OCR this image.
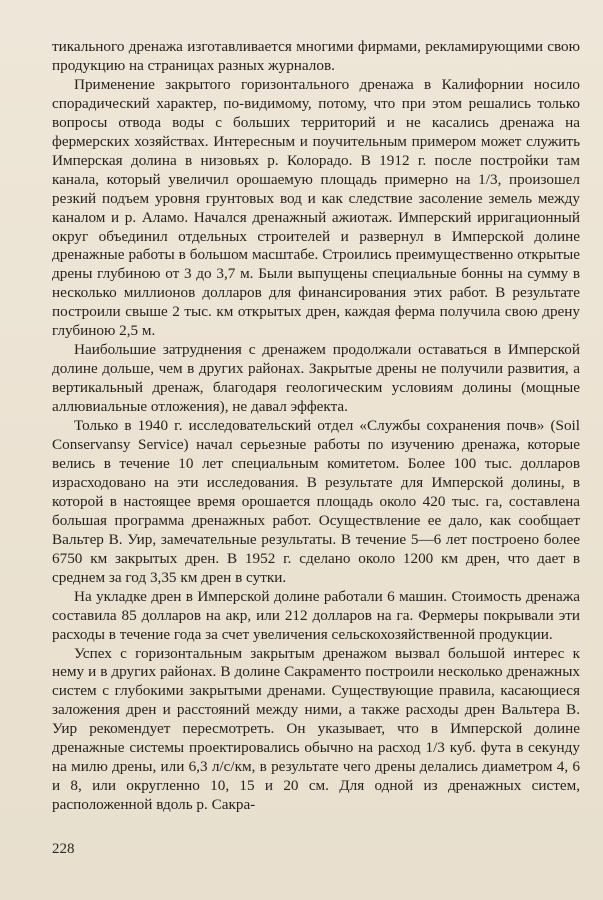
тикального дренажа изготавливается многими фирмами, рекламирующими свою продукцию на страницах разных журналов.

Применение закрытого горизонтального дренажа в Калифорнии носило спорадический характер, по-видимому, потому, что при этом решались только вопросы отвода воды с больших территорий и не касались дренажа на фермерских хозяйствах. Интересным и поучительным примером может служить Имперская долина в низовьях р. Колорадо. В 1912 г. после постройки там канала, который увеличил орошаемую площадь примерно на 1/3, произошел резкий подъем уровня грунтовых вод и как следствие засоление земель между каналом и р. Аламо. Начался дренажный ажиотаж. Имперский ирригационный округ объединил отдельных строителей и развернул в Имперской долине дренажные работы в большом масштабе. Строились преимущественно открытые дрены глубиною от 3 до 3,7 м. Были выпущены специальные бонны на сумму в несколько миллионов долларов для финансирования этих работ. В результате построили свыше 2 тыс. км открытых дрен, каждая ферма получила свою дрену глубиною 2,5 м.

Наибольшие затруднения с дренажем продолжали оставаться в Имперской долине дольше, чем в других районах. Закрытые дрены не получили развития, а вертикальный дренаж, благодаря геологическим условиям долины (мощные аллювиальные отложения), не давал эффекта.

Только в 1940 г. исследовательский отдел «Службы сохранения почв» (Soil Conservansy Service) начал серьезные работы по изучению дренажа, которые велись в течение 10 лет специальным комитетом. Более 100 тыс. долларов израсходовано на эти исследования. В результате для Имперской долины, в которой в настоящее время орошается площадь около 420 тыс. га, составлена большая программа дренажных работ. Осуществление ее дало, как сообщает Вальтер В. Уир, замечательные результаты. В течение 5—6 лет построено более 6750 км закрытых дрен. В 1952 г. сделано около 1200 км дрен, что дает в среднем за год 3,35 км дрен в сутки.

На укладке дрен в Имперской долине работали 6 машин. Стоимость дренажа составила 85 долларов на акр, или 212 долларов на га. Фермеры покрывали эти расходы в течение года за счет увеличения сельскохозяйственной продукции.

Успех с горизонтальным закрытым дренажом вызвал большой интерес к нему и в других районах. В долине Сакраменто построили несколько дренажных систем с глубокими закрытыми дренами. Существующие правила, касающиеся заложения дрен и расстояний между ними, а также расходы дрен Вальтера В. Уир рекомендует пересмотреть. Он указывает, что в Имперской долине дренажные системы проектировались обычно на расход 1/3 куб. фута в секунду на милю дрены, или 6,3 л/с/км, в результате чего дрены делались диаметром 4, 6 и 8, или округленно 10, 15 и 20 см. Для одной из дренажных систем, расположенной вдоль р. Сакра-

228
